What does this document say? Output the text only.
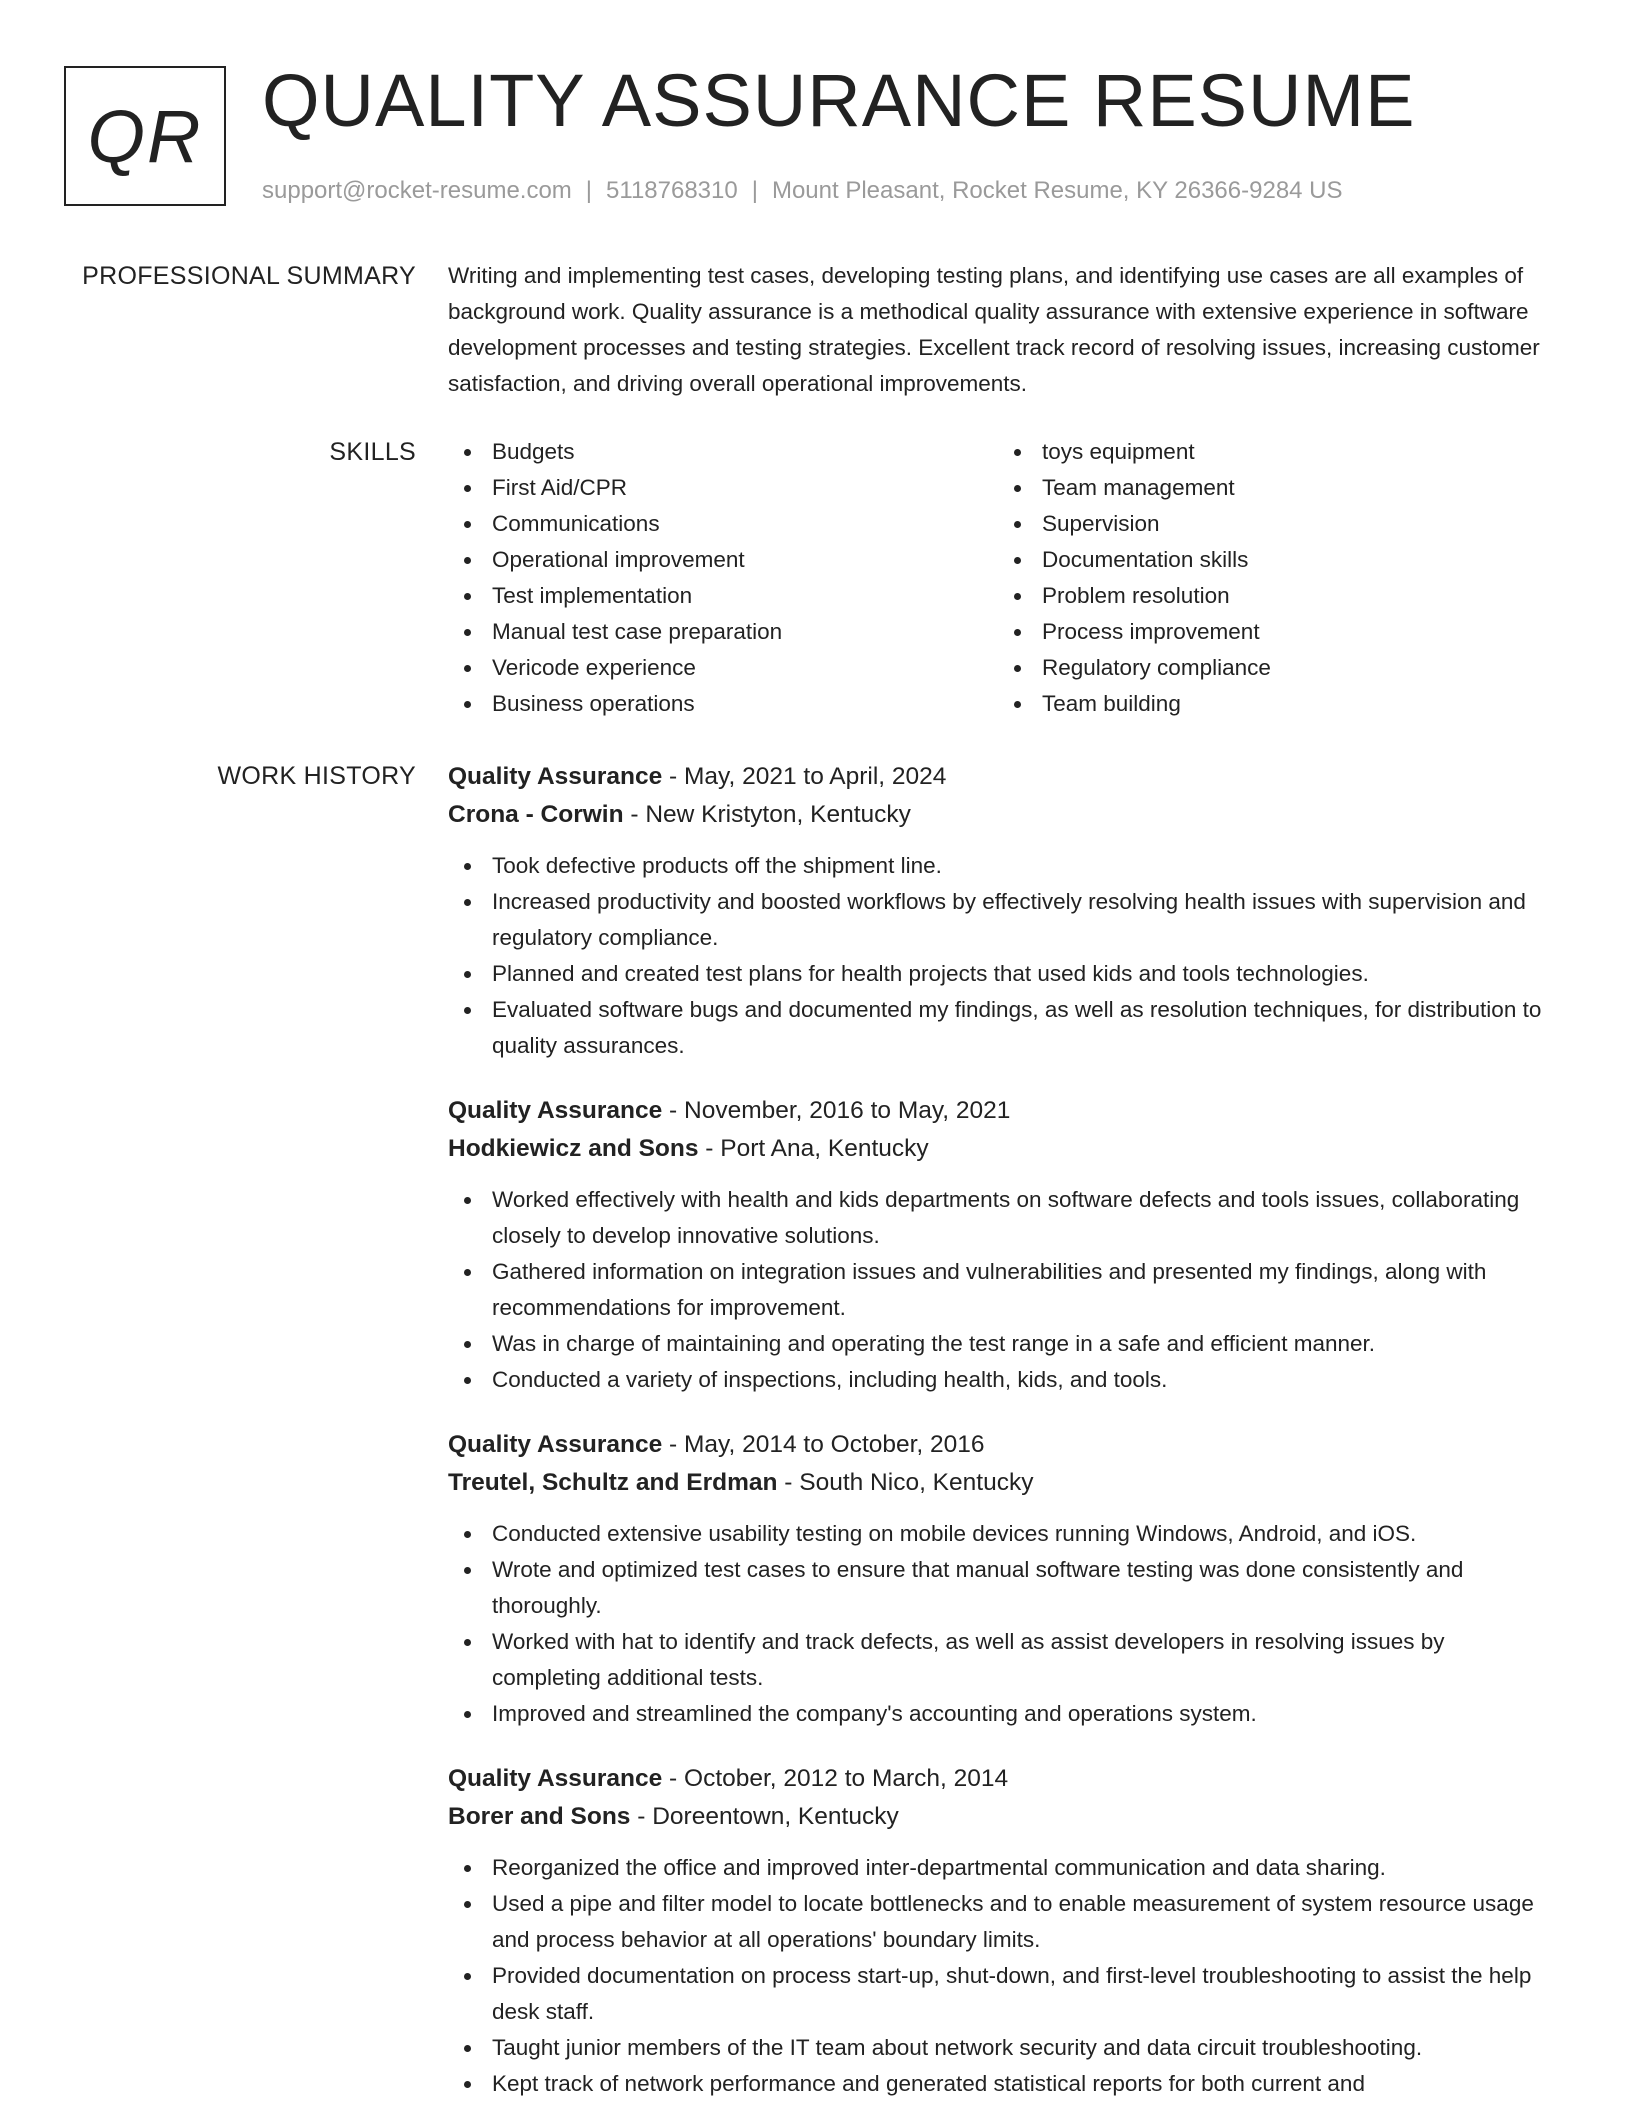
QR QUALITY ASSURANCE RESUME
support@rocket-resume.com | 5118768310 | Mount Pleasant, Rocket Resume, KY 26366-9284 US
PROFESSIONAL SUMMARY Writing and implementing test cases, developing testing plans, and identifying use cases are all examples of background work. Quality assurance is a methodical quality assurance with extensive experience in software development processes and testing strategies. Excellent track record of resolving issues, increasing customer satisfaction, and driving overall operational improvements.

SKILLS	Budgets
First Aid/CPR
Communications
Operational improvement
Test implementation
Manual test case preparation
Vericode experience
Business operations
toys equipment
Team management
Supervision
Documentation skills
Problem resolution
Process improvement
Regulatory compliance
Team building
WORK HISTORY Quality Assurance - May, 2021 to April, 2024
Crona - Corwin - New Kristyton, Kentucky
Took defective products off the shipment line.
Increased productivity and boosted workflows by effectively resolving health issues with supervision and regulatory compliance.
Planned and created test plans for health projects that used kids and tools technologies.
Evaluated software bugs and documented my findings, as well as resolution techniques, for distribution to quality assurances.
Quality Assurance - November, 2016 to May, 2021
Hodkiewicz and Sons - Port Ana, Kentucky
Worked effectively with health and kids departments on software defects and tools issues, collaborating closely to develop innovative solutions.
Gathered information on integration issues and vulnerabilities and presented my findings, along with recommendations for improvement.
Was in charge of maintaining and operating the test range in a safe and efficient manner.
Conducted a variety of inspections, including health, kids, and tools.
Quality Assurance - May, 2014 to October, 2016
Treutel, Schultz and Erdman - South Nico, Kentucky
Conducted extensive usability testing on mobile devices running Windows, Android, and iOS.
Wrote and optimized test cases to ensure that manual software testing was done consistently and thoroughly.
Worked with hat to identify and track defects, as well as assist developers in resolving issues by completing additional tests.
Improved and streamlined the company's accounting and operations system.
Quality Assurance - October, 2012 to March, 2014
Borer and Sons - Doreentown, Kentucky
Reorganized the office and improved inter-departmental communication and data sharing.
Used a pipe and filter model to locate bottlenecks and to enable measurement of system resource usage and process behavior at all operations' boundary limits.
Provided documentation on process start-up, shut-down, and first-level troubleshooting to assist the help desk staff.
Taught junior members of the IT team about network security and data circuit troubleshooting.
Kept track of network performance and generated statistical reports for both current and
